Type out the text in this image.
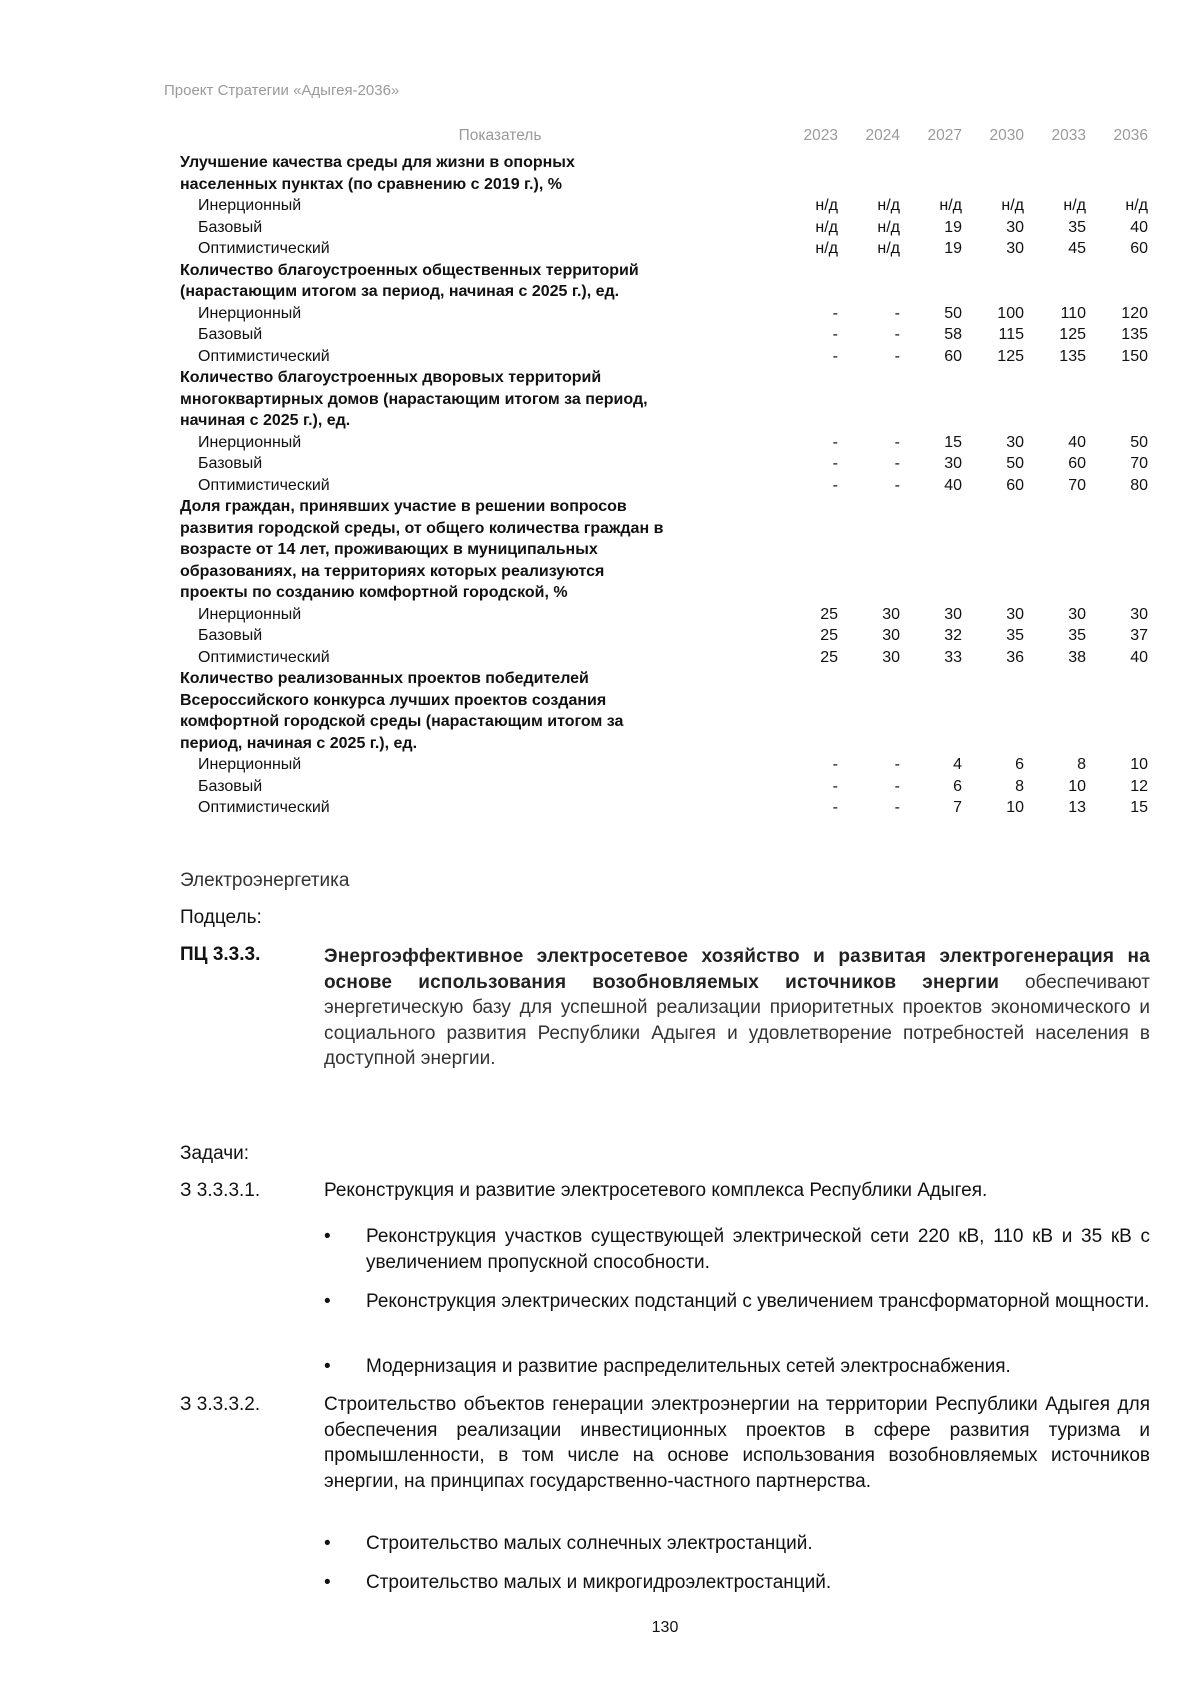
Проект Стратегии «Адыгея-2036»
Показатель	2023	2024	2027	2030	2033	2036
Улучшение качества среды для жизни в опорных						
населенных пунктах (по сравнению с 2019 г.), %						
Инерционный	н/д	н/д	н/д	н/д	н/д	н/д
Базовый	н/д	н/д	19	30	35	40
Оптимистический	н/д	н/д	19	30	45	60
Количество благоустроенных общественных территорий						
(нарастающим итогом за период, начиная с 2025 г.), ед.						
Инерционный	-	-	50	100	110	120
Базовый	-	-	58	115	125	135
Оптимистический	-	-	60	125	135	150
Количество благоустроенных дворовых территорий						
многоквартирных домов (нарастающим итогом за период,						
начиная с 2025 г.), ед.						
Инерционный	-	-	15	30	40	50
Базовый	-	-	30	50	60	70
Оптимистический	-	-	40	60	70	80
Доля граждан, принявших участие в решении вопросов						
развития городской среды, от общего количества граждан в						
возрасте от 14 лет, проживающих в муниципальных						
образованиях, на территориях которых реализуются						
проекты по созданию комфортной городской, %						
Инерционный	25	30	30	30	30	30
Базовый	25	30	32	35	35	37
Оптимистический	25	30	33	36	38	40
Количество реализованных проектов победителей						
Всероссийского конкурса лучших проектов создания						
комфортной городской среды (нарастающим итогом за						
период, начиная с 2025 г.), ед.						
Инерционный	-	-	4	6	8	10
Базовый	-	-	6	8	10	12
Оптимистический	-	-	7	10	13	15
Электроэнергетика
Подцель:
ПЦ 3.3.3.	Энергоэффективное электросетевое хозяйство и развитая электрогенерация на основе использования возобновляемых источников энергии обеспечивают энергетическую базу для успешной реализации приоритетных проектов экономического и социального развития Республики Адыгея и удовлетворение потребностей населения в доступной энергии.
Задачи:
З 3.3.3.1.	Реконструкция и развитие электросетевого комплекса Республики Адыгея.
• Реконструкция участков существующей электрической сети 220 кВ, 110 кВ и 35 кВ с увеличением пропускной способности.
• Реконструкция электрических подстанций с увеличением трансформаторной мощности.
• Модернизация и развитие распределительных сетей электроснабжения.
З 3.3.3.2.	Строительство объектов генерации электроэнергии на территории Республики Адыгея для обеспечения реализации инвестиционных проектов в сфере развития туризма и промышленности, в том числе на основе использования возобновляемых источников энергии, на принципах государственно-частного партнерства.
• Строительство малых солнечных электростанций.
• Строительство малых и микрогидроэлектростанций.
130
